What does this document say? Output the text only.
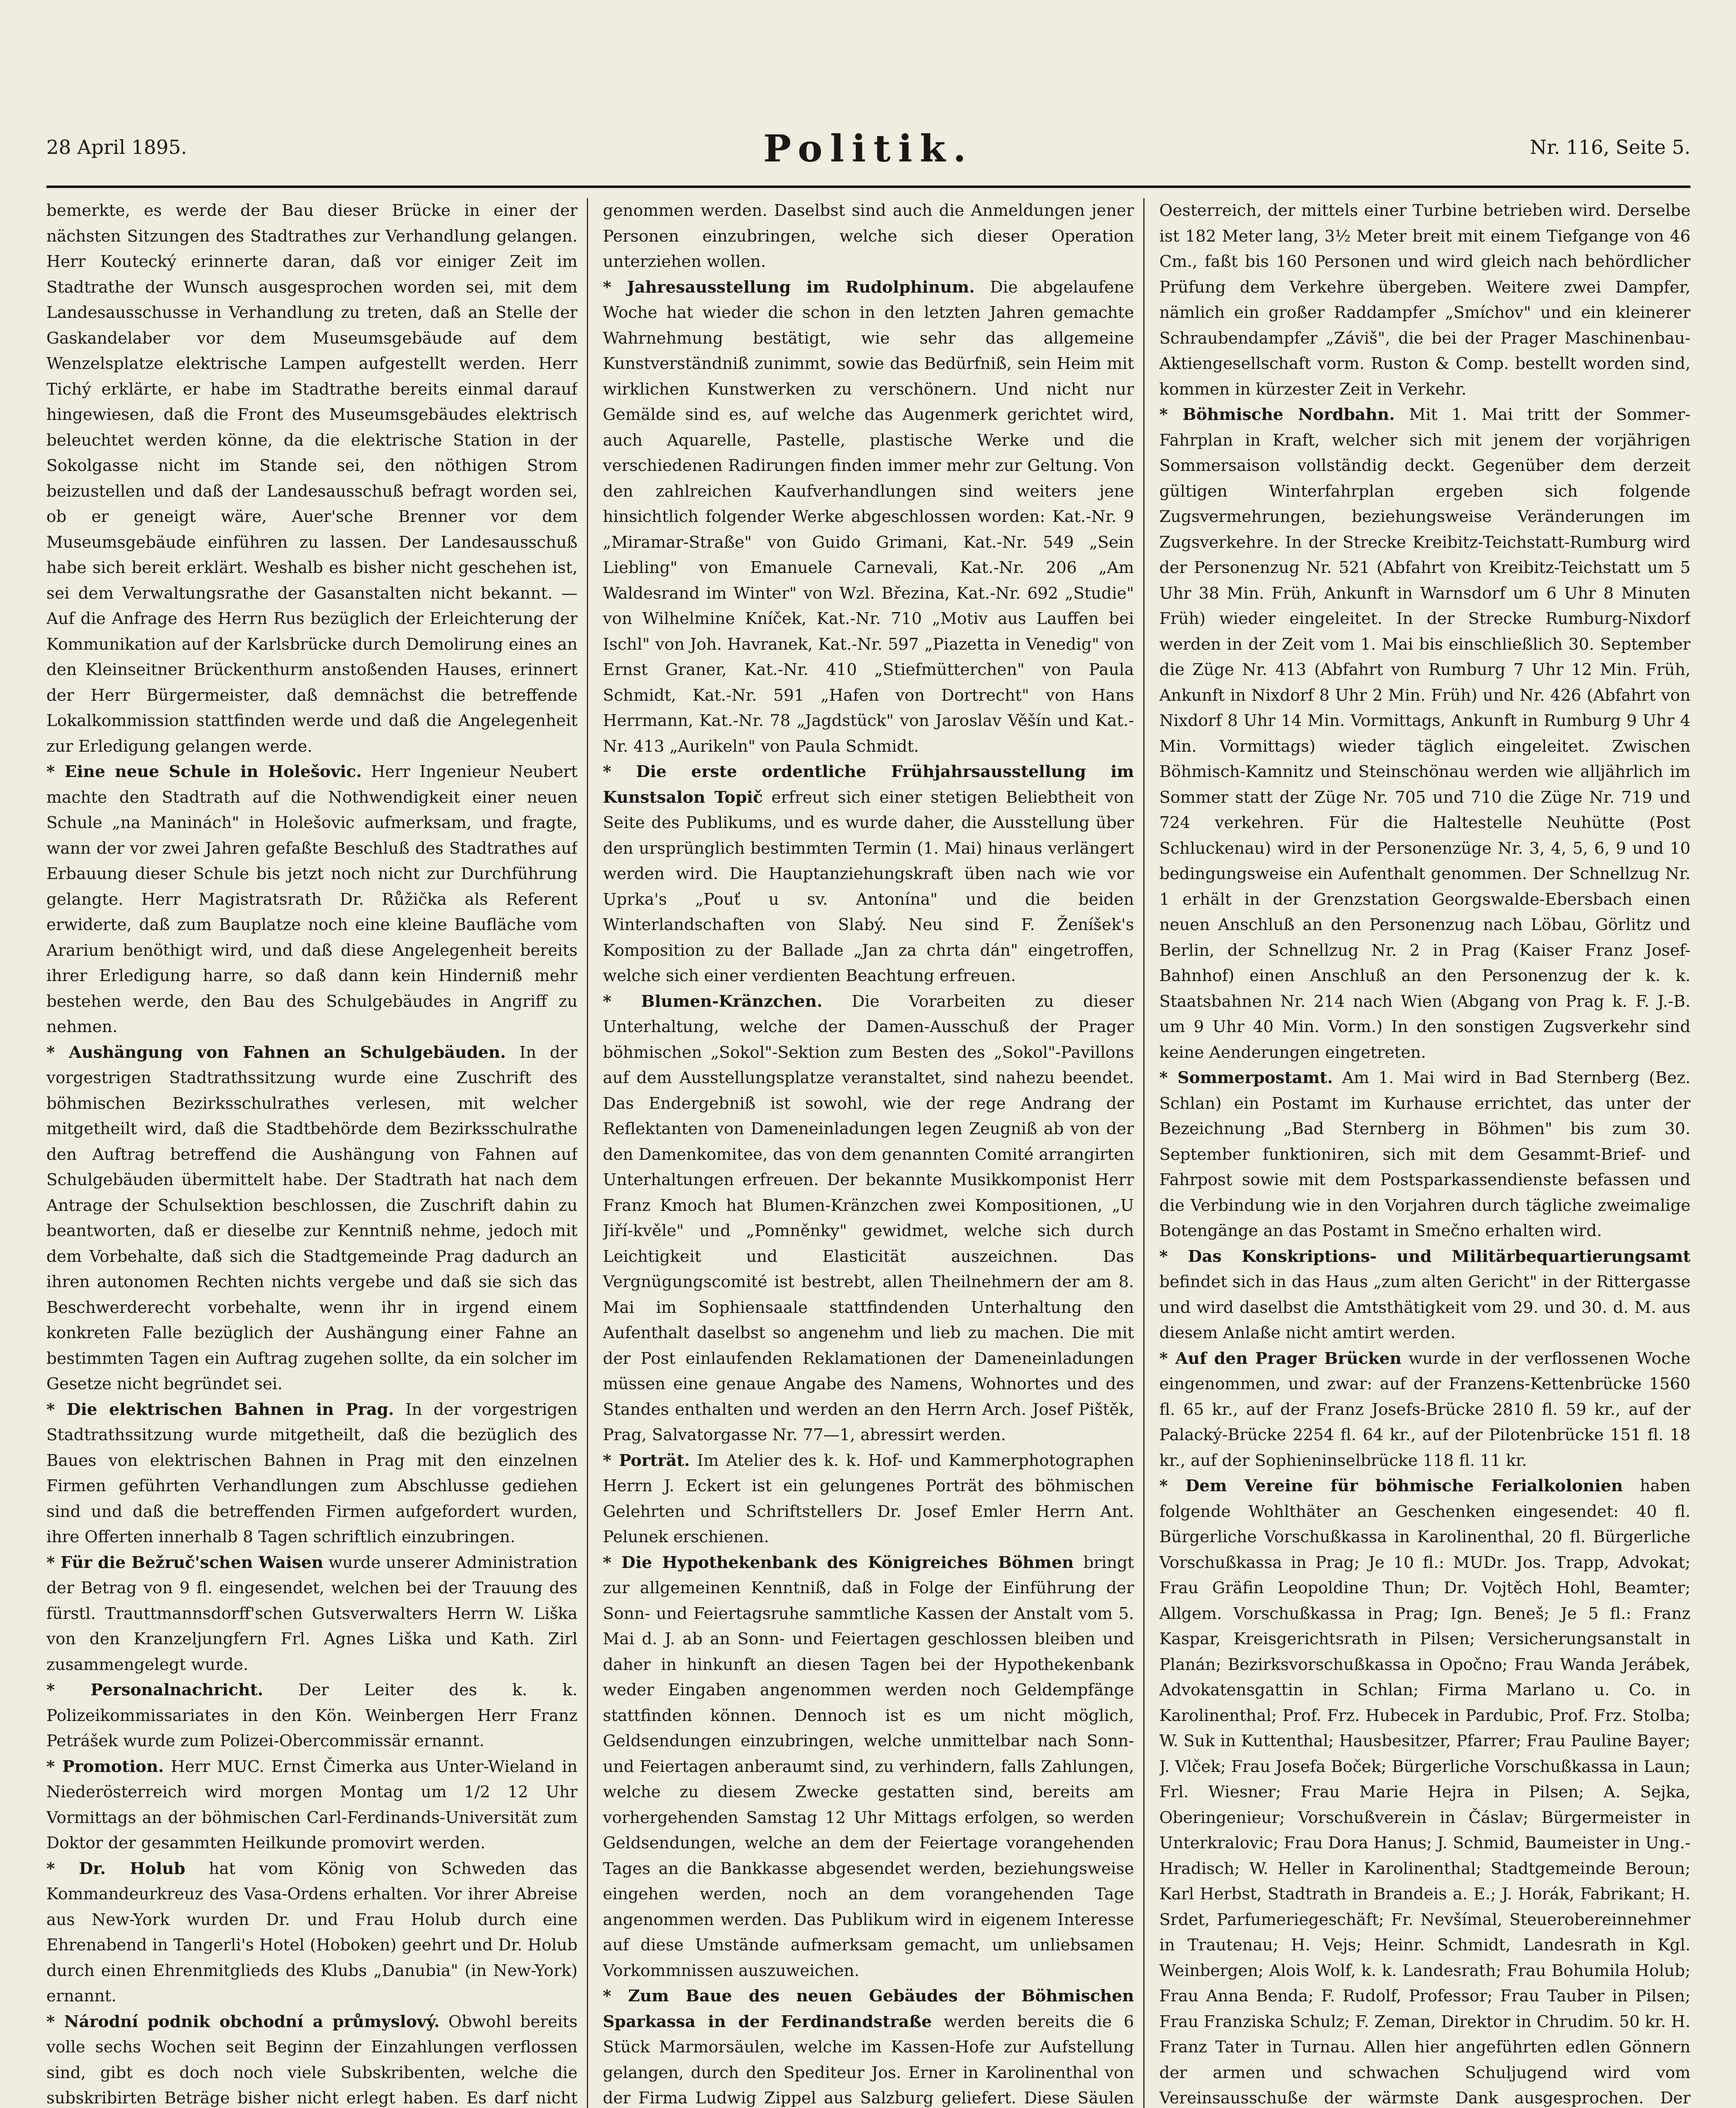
28 April 1895.	Politik.	Nr. 116, Seite 5.

bemerkte, es werde der Bau dieser Brücke in einer der nächsten Sitzungen des Stadtrathes zur Verhandlung gelangen. Herr Koutecký erinnerte daran, daß vor einiger Zeit im Stadtrathe der Wunsch ausgesprochen worden sei, mit dem Landesausschusse in Verhandlung zu treten, daß an Stelle der Gaskandelaber vor dem Museumsgebäude auf dem Wenzelsplatze elektrische Lampen aufgestellt werden. Herr Tichý erklärte, er habe im Stadtrathe bereits einmal darauf hingewiesen, daß die Front des Museumsgebäudes elektrisch beleuchtet werden könne, da die elektrische Station in der Sokolgasse nicht im Stande sei, den nöthigen Strom beizustellen und daß der Landesausschuß befragt worden sei, ob er geneigt wäre, Auer'sche Brenner vor dem Museumsgebäude einführen zu lassen. Der Landesausschuß habe sich bereit erklärt. Weshalb es bisher nicht geschehen ist, sei dem Verwaltungsrathe der Gasanstalten nicht bekannt. — Auf die Anfrage des Herrn Rus bezüglich der Erleichterung der Kommunikation auf der Karlsbrücke durch Demolirung eines an den Kleinseitner Brückenthurm anstoßenden Hauses, erinnert der Herr Bürgermeister, daß demnächst die betreffende Lokalkommission stattfinden werde und daß die Angelegenheit zur Erledigung gelangen werde.

* Eine neue Schule in Holešovic. Herr Ingenieur Neubert machte den Stadtrath auf die Nothwendigkeit einer neuen Schule „na Maninách" in Holešovic aufmerksam, und fragte, wann der vor zwei Jahren gefaßte Beschluß des Stadtrathes auf Erbauung dieser Schule bis jetzt noch nicht zur Durchführung gelangte. Herr Magistratsrath Dr. Růžička als Referent erwiderte, daß zum Bauplatze noch eine kleine Baufläche vom Ararium benöthigt wird, und daß diese Angelegenheit bereits ihrer Erledigung harre, so daß dann kein Hinderniß mehr bestehen werde, den Bau des Schulgebäudes in Angriff zu nehmen.

* Aushängung von Fahnen an Schulgebäuden. In der vorgestrigen Stadtrathssitzung wurde eine Zuschrift des böhmischen Bezirksschulrathes verlesen, mit welcher mitgetheilt wird, daß die Stadtbehörde dem Bezirksschulrathe den Auftrag betreffend die Aushängung von Fahnen auf Schulgebäuden übermittelt habe. Der Stadtrath hat nach dem Antrage der Schulsektion beschlossen, die Zuschrift dahin zu beantworten, daß er dieselbe zur Kenntniß nehme, jedoch mit dem Vorbehalte, daß sich die Stadtgemeinde Prag dadurch an ihren autonomen Rechten nichts vergebe und daß sie sich das Beschwerderecht vorbehalte, wenn ihr in irgend einem konkreten Falle bezüglich der Aushängung einer Fahne an bestimmten Tagen ein Auftrag zugehen sollte, da ein solcher im Gesetze nicht begründet sei.

* Die elektrischen Bahnen in Prag. In der vorgestrigen Stadtrathssitzung wurde mitgetheilt, daß die bezüglich des Baues von elektrischen Bahnen in Prag mit den einzelnen Firmen geführten Verhandlungen zum Abschlusse gediehen sind und daß die betreffenden Firmen aufgefordert wurden, ihre Offerten innerhalb 8 Tagen schriftlich einzubringen.

* Für die Bežruč'schen Waisen wurde unserer Administration der Betrag von 9 fl. eingesendet, welchen bei der Trauung des fürstl. Trauttmannsdorff'schen Gutsverwalters Herrn W. Liška von den Kranzeljungfern Frl. Agnes Liška und Kath. Zirl zusammengelegt wurde.

* Personalnachricht. Der Leiter des k. k. Polizeikommissariates in den Kön. Weinbergen Herr Franz Petrášek wurde zum Polizei-Obercommissär ernannt.

* Promotion. Herr MUC. Ernst Čimerka aus Unter-Wieland in Niederösterreich wird morgen Montag um 1/2 12 Uhr Vormittags an der böhmischen Carl-Ferdinands-Universität zum Doktor der gesammten Heilkunde promovirt werden.

* Dr. Holub hat vom König von Schweden das Kommandeurkreuz des Vasa-Ordens erhalten. Vor ihrer Abreise aus New-York wurden Dr. und Frau Holub durch eine Ehrenabend in Tangerli's Hotel (Hoboken) geehrt und Dr. Holub durch einen Ehrenmitglieds des Klubs „Danubia" (in New-York) ernannt.

* Národní podnik obchodní a průmyslový. Obwohl bereits volle sechs Wochen seit Beginn der Einzahlungen verflossen sind, gibt es doch noch viele Subskribenten, welche die subskribirten Beträge bisher nicht erlegt haben. Es darf nicht

genommen werden. Daselbst sind auch die Anmeldungen jener Personen einzubringen, welche sich dieser Operation unterziehen wollen.

* Jahresausstellung im Rudolphinum. Die abgelaufene Woche hat wieder die schon in den letzten Jahren gemachte Wahrnehmung bestätigt, wie sehr das allgemeine Kunstverständniß zunimmt, sowie das Bedürfniß, sein Heim mit wirklichen Kunstwerken zu verschönern. Und nicht nur Gemälde sind es, auf welche das Augenmerk gerichtet wird, auch Aquarelle, Pastelle, plastische Werke und die verschiedenen Radirungen finden immer mehr zur Geltung. Von den zahlreichen Kaufverhandlungen sind weiters jene hinsichtlich folgender Werke abgeschlossen worden: Kat.-Nr. 9 „Miramar-Straße" von Guido Grimani, Kat.-Nr. 549 „Sein Liebling" von Emanuele Carnevali, Kat.-Nr. 206 „Am Waldesrand im Winter" von Wzl. Březina, Kat.-Nr. 692 „Studie" von Wilhelmine Kníček, Kat.-Nr. 710 „Motiv aus Lauffen bei Ischl" von Joh. Havranek, Kat.-Nr. 597 „Piazetta in Venedig" von Ernst Graner, Kat.-Nr. 410 „Stiefmütterchen" von Paula Schmidt, Kat.-Nr. 591 „Hafen von Dortrecht" von Hans Herrmann, Kat.-Nr. 78 „Jagdstück" von Jaroslav Věšín und Kat.-Nr. 413 „Aurikeln" von Paula Schmidt.

* Die erste ordentliche Frühjahrsausstellung im Kunstsalon Topič erfreut sich einer stetigen Beliebtheit von Seite des Publikums, und es wurde daher, die Ausstellung über den ursprünglich bestimmten Termin (1. Mai) hinaus verlängert werden wird. Die Hauptanziehungskraft üben nach wie vor Uprka's „Pouť u sv. Antonína" und die beiden Winterlandschaften von Slabý. Neu sind F. Ženíšek's Komposition zu der Ballade „Jan za chrta dán" eingetroffen, welche sich einer verdienten Beachtung erfreuen.

* Blumen-Kränzchen. Die Vorarbeiten zu dieser Unterhaltung, welche der Damen-Ausschuß der Prager böhmischen „Sokol"-Sektion zum Besten des „Sokol"-Pavillons auf dem Ausstellungsplatze veranstaltet, sind nahezu beendet. Das Endergebniß ist sowohl, wie der rege Andrang der Reflektanten von Dameneinladungen legen Zeugniß ab von der den Damenkomitee, das von dem genannten Comité arrangirten Unterhaltungen erfreuen. Der bekannte Musikkomponist Herr Franz Kmoch hat Blumen-Kränzchen zwei Kompositionen, „U Jiří-kvěle" und „Pomněnky" gewidmet, welche sich durch Leichtigkeit und Elasticität auszeichnen. Das Vergnügungscomité ist bestrebt, allen Theilnehmern der am 8. Mai im Sophiensaale stattfindenden Unterhaltung den Aufenthalt daselbst so angenehm und lieb zu machen. Die mit der Post einlaufenden Reklamationen der Dameneinladungen müssen eine genaue Angabe des Namens, Wohnortes und des Standes enthalten und werden an den Herrn Arch. Josef Pištěk, Prag, Salvatorgasse Nr. 77—1, abressirt werden.

* Porträt. Im Atelier des k. k. Hof- und Kammerphotographen Herrn J. Eckert ist ein gelungenes Porträt des böhmischen Gelehrten und Schriftstellers Dr. Josef Emler Herrn Ant. Pelunek erschienen.

* Die Hypothekenbank des Königreiches Böhmen bringt zur allgemeinen Kenntniß, daß in Folge der Einführung der Sonn- und Feiertagsruhe sammtliche Kassen der Anstalt vom 5. Mai d. J. ab an Sonn- und Feiertagen geschlossen bleiben und daher in hinkunft an diesen Tagen bei der Hypothekenbank weder Eingaben angenommen werden noch Geldempfänge stattfinden können. Dennoch ist es um nicht möglich, Geldsendungen einzubringen, welche unmittelbar nach Sonn- und Feiertagen anberaumt sind, zu verhindern, falls Zahlungen, welche zu diesem Zwecke gestatten sind, bereits am vorhergehenden Samstag 12 Uhr Mittags erfolgen, so werden Geldsendungen, welche an dem der Feiertage vorangehenden Tages an die Bankkasse abgesendet werden, beziehungsweise eingehen werden, noch an dem vorangehenden Tage angenommen werden. Das Publikum wird in eigenem Interesse auf diese Umstände aufmerksam gemacht, um unliebsamen Vorkommnissen auszuweichen.

* Zum Baue des neuen Gebäudes der Böhmischen Sparkassa in der Ferdinandstraße werden bereits die 6 Stück Marmorsäulen, welche im Kassen-Hofe zur Aufstellung gelangen, durch den Spediteur Jos. Erner in Karolinenthal von der Firma Ludwig Zippel aus Salzburg geliefert. Diese Säulen

Oesterreich, der mittels einer Turbine betrieben wird. Derselbe ist 182 Meter lang, 3½ Meter breit mit einem Tiefgange von 46 Cm., faßt bis 160 Personen und wird gleich nach behördlicher Prüfung dem Verkehre übergeben. Weitere zwei Dampfer, nämlich ein großer Raddampfer „Smíchov" und ein kleinerer Schraubendampfer „Záviš", die bei der Prager Maschinenbau-Aktiengesellschaft vorm. Ruston & Comp. bestellt worden sind, kommen in kürzester Zeit in Verkehr.

* Böhmische Nordbahn. Mit 1. Mai tritt der Sommer-Fahrplan in Kraft, welcher sich mit jenem der vorjährigen Sommersaison vollständig deckt. Gegenüber dem derzeit gültigen Winterfahrplan ergeben sich folgende Zugsvermehrungen, beziehungsweise Veränderungen im Zugsverkehre. In der Strecke Kreibitz-Teichstatt-Rumburg wird der Personenzug Nr. 521 (Abfahrt von Kreibitz-Teichstatt um 5 Uhr 38 Min. Früh, Ankunft in Warnsdorf um 6 Uhr 8 Minuten Früh) wieder eingeleitet. In der Strecke Rumburg-Nixdorf werden in der Zeit vom 1. Mai bis einschließlich 30. September die Züge Nr. 413 (Abfahrt von Rumburg 7 Uhr 12 Min. Früh, Ankunft in Nixdorf 8 Uhr 2 Min. Früh) und Nr. 426 (Abfahrt von Nixdorf 8 Uhr 14 Min. Vormittags, Ankunft in Rumburg 9 Uhr 4 Min. Vormittags) wieder täglich eingeleitet. Zwischen Böhmisch-Kamnitz und Steinschönau werden wie alljährlich im Sommer statt der Züge Nr. 705 und 710 die Züge Nr. 719 und 724 verkehren. Für die Haltestelle Neuhütte (Post Schluckenau) wird in der Personenzüge Nr. 3, 4, 5, 6, 9 und 10 bedingungsweise ein Aufenthalt genommen. Der Schnellzug Nr. 1 erhält in der Grenzstation Georgswalde-Ebersbach einen neuen Anschluß an den Personenzug nach Löbau, Görlitz und Berlin, der Schnellzug Nr. 2 in Prag (Kaiser Franz Josef-Bahnhof) einen Anschluß an den Personenzug der k. k. Staatsbahnen Nr. 214 nach Wien (Abgang von Prag k. F. J.-B. um 9 Uhr 40 Min. Vorm.) In den sonstigen Zugsverkehr sind keine Aenderungen eingetreten.

* Sommerpostamt. Am 1. Mai wird in Bad Sternberg (Bez. Schlan) ein Postamt im Kurhause errichtet, das unter der Bezeichnung „Bad Sternberg in Böhmen" bis zum 30. September funktioniren, sich mit dem Gesammt-Brief- und Fahrpost sowie mit dem Postsparkassendienste befassen und die Verbindung wie in den Vorjahren durch tägliche zweimalige Botengänge an das Postamt in Smečno erhalten wird.

* Das Konskriptions- und Militärbequartierungsamt befindet sich in das Haus „zum alten Gericht" in der Rittergasse und wird daselbst die Amtsthätigkeit vom 29. und 30. d. M. aus diesem Anlaße nicht amtirt werden.

* Auf den Prager Brücken wurde in der verflossenen Woche eingenommen, und zwar: auf der Franzens-Kettenbrücke 1560 fl. 65 kr., auf der Franz Josefs-Brücke 2810 fl. 59 kr., auf der Palacký-Brücke 2254 fl. 64 kr., auf der Pilotenbrücke 151 fl. 18 kr., auf der Sophieninselbrücke 118 fl. 11 kr.

* Dem Vereine für böhmische Ferialkolonien haben folgende Wohlthäter an Geschenken eingesendet: 40 fl. Bürgerliche Vorschußkassa in Karolinenthal, 20 fl. Bürgerliche Vorschußkassa in Prag; Je 10 fl.: MUDr. Jos. Trapp, Advokat; Frau Gräfin Leopoldine Thun; Dr. Vojtěch Hohl, Beamter; Allgem. Vorschußkassa in Prag; Ign. Beneš; Je 5 fl.: Franz Kaspar, Kreisgerichtsrath in Pilsen; Versicherungsanstalt in Planán; Bezirksvorschußkassa in Opočno; Frau Wanda Jerábek, Advokatensgattin in Schlan; Firma Marlano u. Co. in Karolinenthal; Prof. Frz. Hubecek in Pardubic, Prof. Frz. Stolba; W. Suk in Kuttenthal; Hausbesitzer, Pfarrer; Frau Pauline Bayer; J. Vlček; Frau Josefa Boček; Bürgerliche Vorschußkassa in Laun; Frl. Wiesner; Frau Marie Hejra in Pilsen; A. Sejka, Oberingenieur; Vorschußverein in Čáslav; Bürgermeister in Unterkralovic; Frau Dora Hanus; J. Schmid, Baumeister in Ung.-Hradisch; W. Heller in Karolinenthal; Stadtgemeinde Beroun; Karl Herbst, Stadtrath in Brandeis a. E.; J. Horák, Fabrikant; H. Srdet, Parfumeriegeschäft; Fr. Nevšímal, Steuerobereinnehmer in Trautenau; H. Vejs; Heinr. Schmidt, Landesrath in Kgl. Weinbergen; Alois Wolf, k. k. Landesrath; Frau Bohumila Holub; Frau Anna Benda; F. Rudolf, Professor; Frau Tauber in Pilsen; Frau Franziska Schulz; F. Zeman, Direktor in Chrudim. 50 kr. H. Franz Tater in Turnau. Allen hier angeführten edlen Gönnern der armen und schwachen Schuljugend wird vom Vereinsausschuße der wärmste Dank ausgesprochen. Der
